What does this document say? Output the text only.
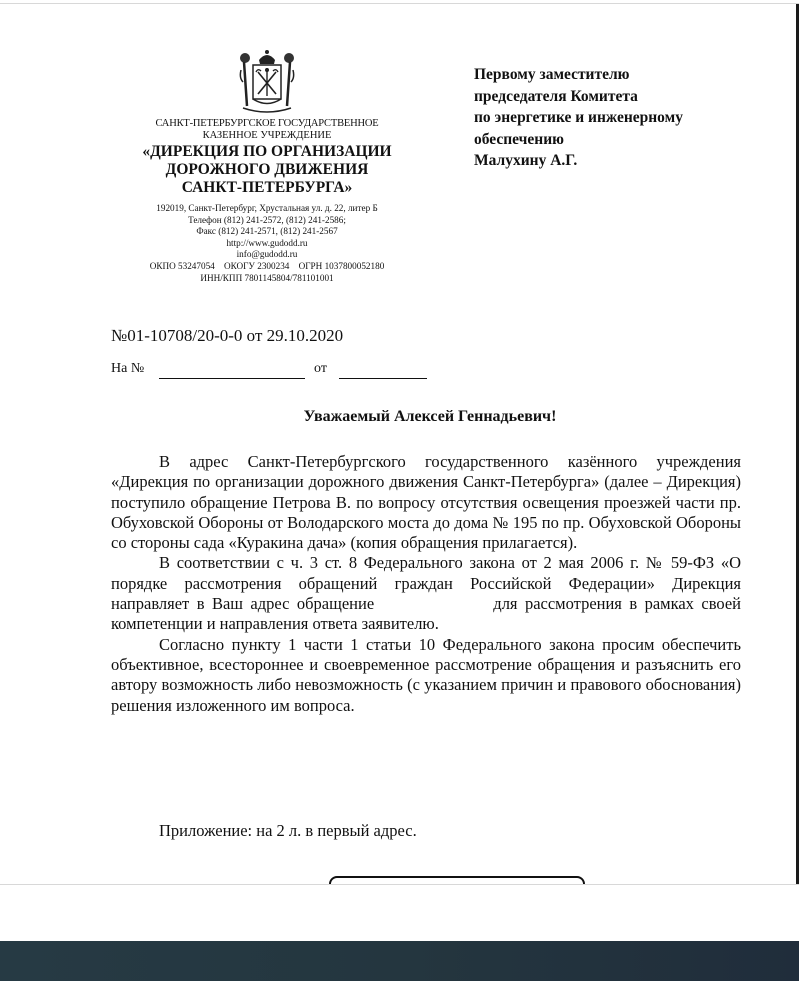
САНКТ-ПЕТЕРБУРГСКОЕ ГОСУДАРСТВЕННОЕ
КАЗЕННОЕ УЧРЕЖДЕНИЕ
«ДИРЕКЦИЯ ПО ОРГАНИЗАЦИИ
ДОРОЖНОГО ДВИЖЕНИЯ
САНКТ-ПЕТЕРБУРГА»
192019, Санкт-Петербург, Хрустальная ул. д. 22, литер Б
Телефон (812) 241-2572, (812) 241-2586;
Факс (812) 241-2571, (812) 241-2567
http://www.gudodd.ru
info@gudodd.ru
ОКПО 53247054    ОКОГУ 2300234    ОГРН 1037800052180
ИНН/КПП 7801145804/781101001
Первому заместителю
председателя Комитета
по энергетике и инженерному
обеспечению
Малухину А.Г.
№01-10708/20-0-0 от 29.10.2020
На №	от
Уважаемый Алексей Геннадьевич!

В адрес Санкт-Петербургского государственного казённого учреждения «Дирекция по организации дорожного движения Санкт-Петербурга» (далее – Дирекция) поступило обращение Петрова В. по вопросу отсутствия освещения проезжей части пр. Обуховской Обороны от Володарского моста до дома № 195 по пр. Обуховской Обороны со стороны сада «Куракина дача» (копия обращения прилагается).

В соответствии с ч. 3 ст. 8 Федерального закона от 2 мая 2006 г. № 59-ФЗ «О порядке рассмотрения обращений граждан Российской Федерации» Дирекция направляет в Ваш адрес обращение                для рассмотрения в рамках своей компетенции и направления ответа заявителю.

Согласно пункту 1 части 1 статьи 10 Федерального закона просим обеспечить объективное, всестороннее и своевременное рассмотрение обращения и разъяснить его автору возможность либо невозможность (с указанием причин и правового обоснования) решения изложенного им вопроса.

Приложение: на 2 л. в первый адрес.
